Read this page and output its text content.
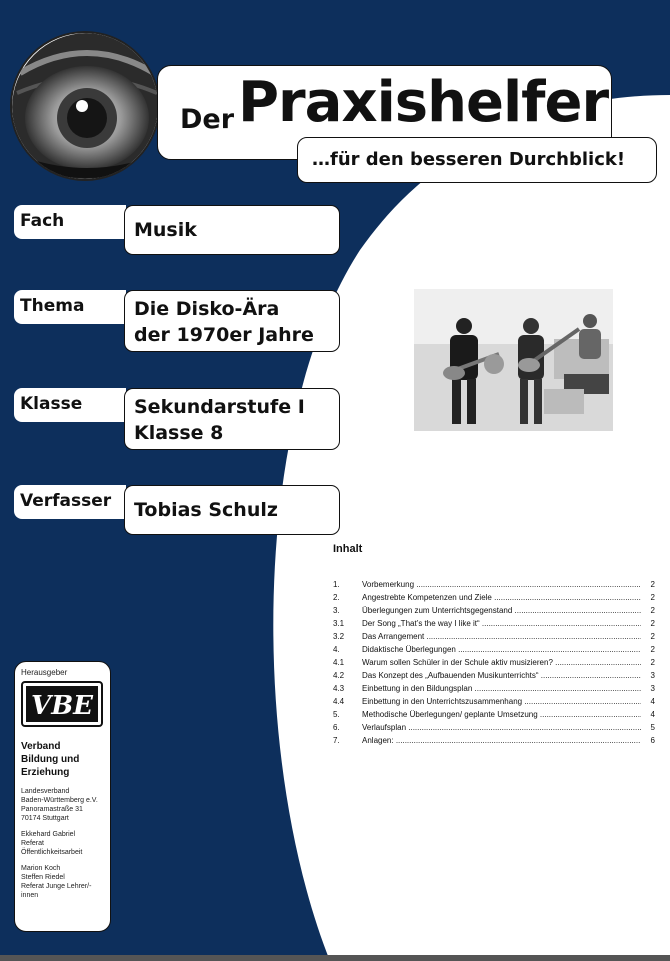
Der Praxishelfer
…für den besseren Durchblick!
Fach	Musik
Thema	Die Disko-Ära
der 1970er Jahre
Klasse	Sekundarstufe I
Klasse 8
Verfasser	Tobias Schulz
Inhalt
1.	Vorbemerkung .....	2
2.	Angestrebte Kompetenzen und Ziele .....	2
3.	Überlegungen zum Unterrichtsgegenstand .....	2
3.1	Der Song „That’s the way I like it“ .....	2
3.2	Das Arrangement .....	2
4.	Didaktische Überlegungen .....	2
4.1	Warum sollen Schüler in der Schule aktiv musizieren? .....	2
4.2	Das Konzept des „Aufbauenden Musikunterrichts“ .....	3
4.3	Einbettung in den Bildungsplan .....	3
4.4	Einbettung in den Unterrichtszusammenhang .....	4
5.	Methodische Überlegungen/ geplante Umsetzung .....	4
6.	Verlaufsplan .....	5
7.	Anlagen: .....	6
Herausgeber
VBE
Verband
Bildung und
Erziehung
Landesverband
Baden-Württemberg e.V.
Panoramastraße 31
70174 Stuttgart
Ekkehard Gabriel
Referat
Öffentlichkeitsarbeit
Marion Koch
Steffen Riedel
Referat Junge Lehrer/-
innen
